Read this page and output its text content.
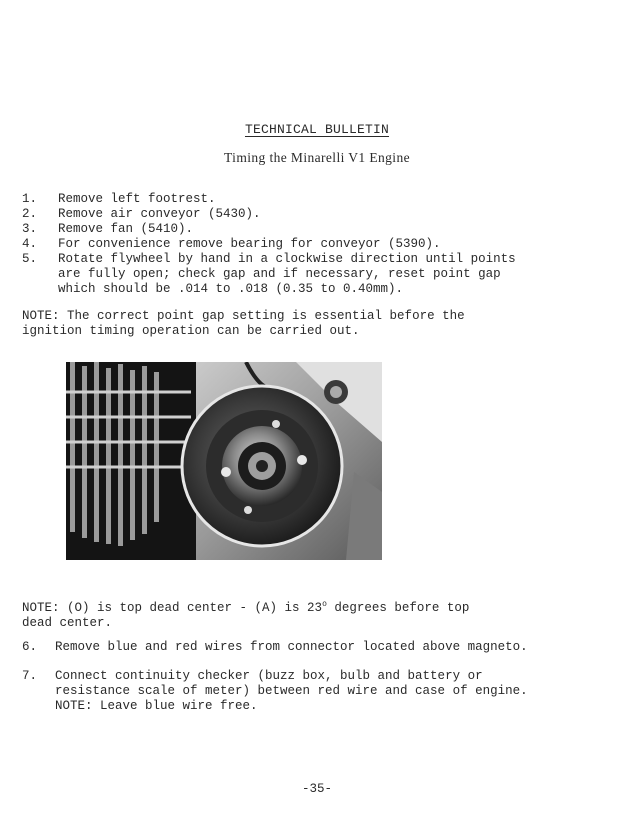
TECHNICAL BULLETIN
Timing the Minarelli V1 Engine
1.	Remove left footrest.
2.	Remove air conveyor (5430).
3.	Remove fan (5410).
4.	For convenience remove bearing for conveyor (5390).
5.	Rotate flywheel by hand in a clockwise direction until points
are fully open; check gap and if necessary, reset point gap
which should be .014 to .018 (0.35 to 0.40mm).

NOTE: The correct point gap setting is essential before the
ignition timing operation can be carried out.

NOTE: (O) is top dead center - (A) is 23$^o$ degrees before top
dead center.

6.	Remove blue and red wires from connector located above magneto.
7.	Connect continuity checker (buzz box, bulb and battery or
resistance scale of meter) between red wire and case of engine.
NOTE: Leave blue wire free.
-35-
